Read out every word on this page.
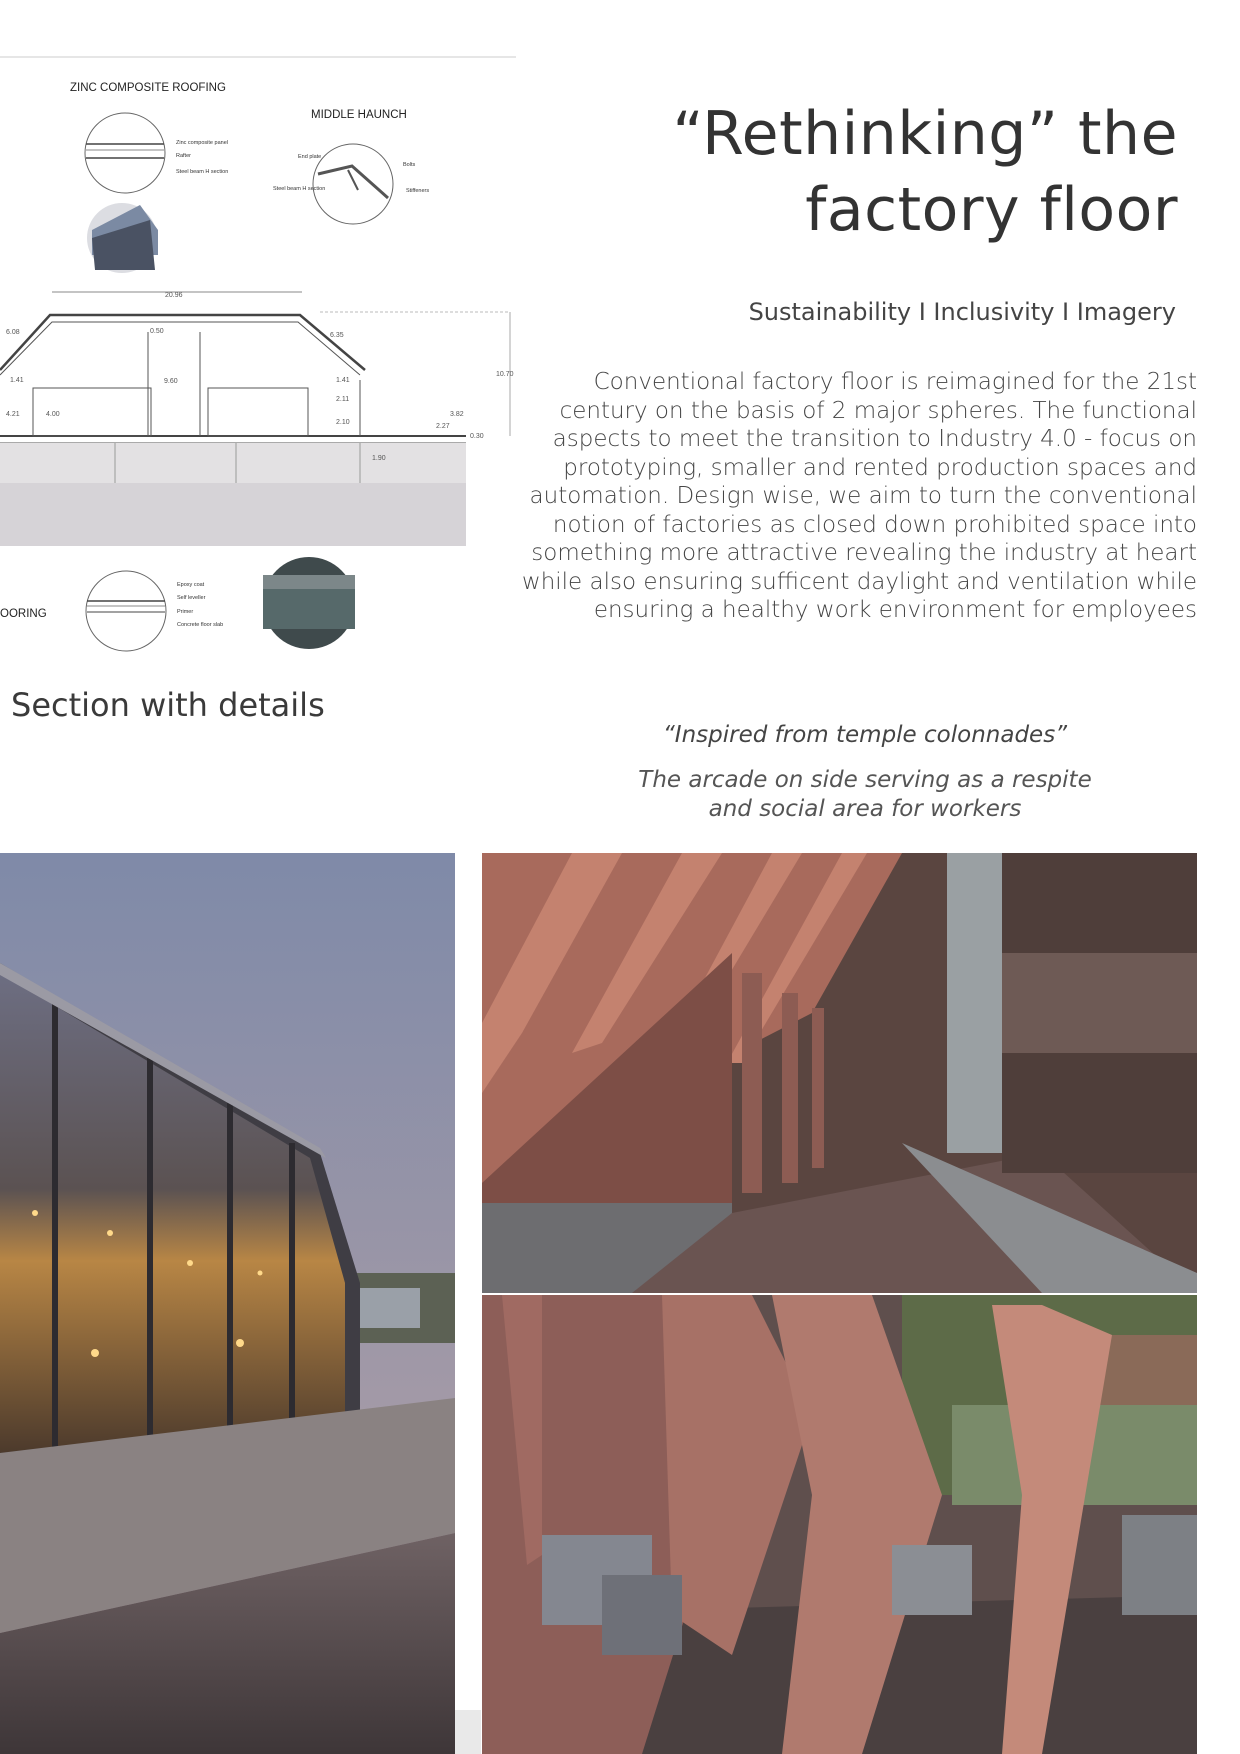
ZINC COMPOSITE ROOFING
MIDDLE HAUNCH
Zinc composite panel
Rafter
Steel beam H section
End plate
Bolts
Steel beam H section	Stiffeners
20.96
6.08	0.50
6.35
9.60
10.70
1.41	1.41
4.21	4.00
2.11
2.10
3.82
2.27
0.30
1.90
OORING
Epoxy coat
Self leveller
Primer
Concrete floor slab
“Rethinking” the
factory floor
Sustainability I Inclusivity I Imagery
Conventional factory floor is reimagined for the 21st
century on the basis of 2 major spheres. The functional
aspects to meet the transition to Industry 4.0 - focus on
prototyping, smaller and rented production spaces and
automation. Design wise, we aim to turn the conventional
notion of factories as closed down prohibited space into
something more attractive revealing the industry at heart
while also ensuring sufficent daylight and ventilation while
ensuring a healthy work environment for employees
Section with details
“Inspired from temple colonnades”
The arcade on side serving as a respite
and social area for workers
